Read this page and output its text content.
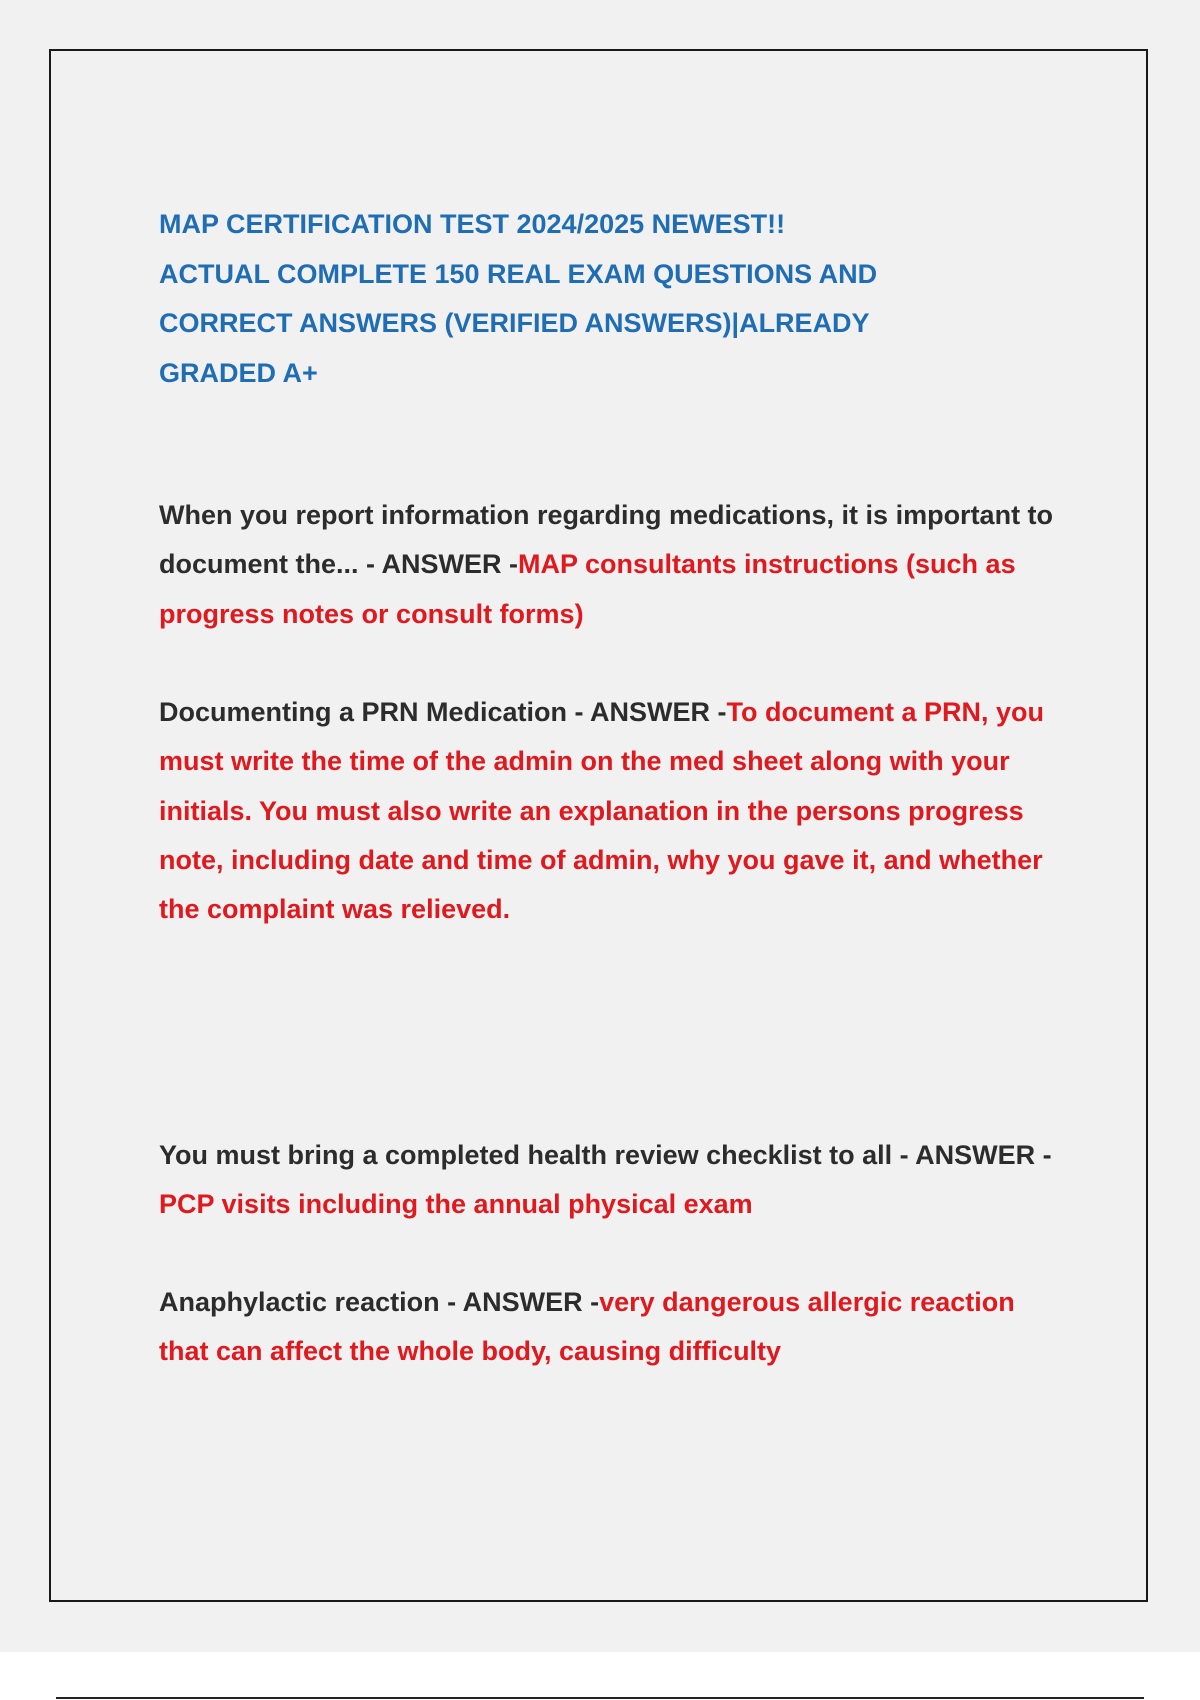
MAP CERTIFICATION TEST 2024/2025 NEWEST!!
ACTUAL COMPLETE 150 REAL EXAM QUESTIONS AND
CORRECT ANSWERS (VERIFIED ANSWERS)|ALREADY
GRADED A+
When you report information regarding medications, it is important to document the... - ANSWER -MAP consultants instructions (such as progress notes or consult forms)
Documenting a PRN Medication - ANSWER -To document a PRN, you must write the time of the admin on the med sheet along with your initials. You must also write an explanation in the persons progress note, including date and time of admin, why you gave it, and whether the complaint was relieved.
You must bring a completed health review checklist to all - ANSWER -PCP visits including the annual physical exam
Anaphylactic reaction - ANSWER -very dangerous allergic reaction that can affect the whole body, causing difficulty
